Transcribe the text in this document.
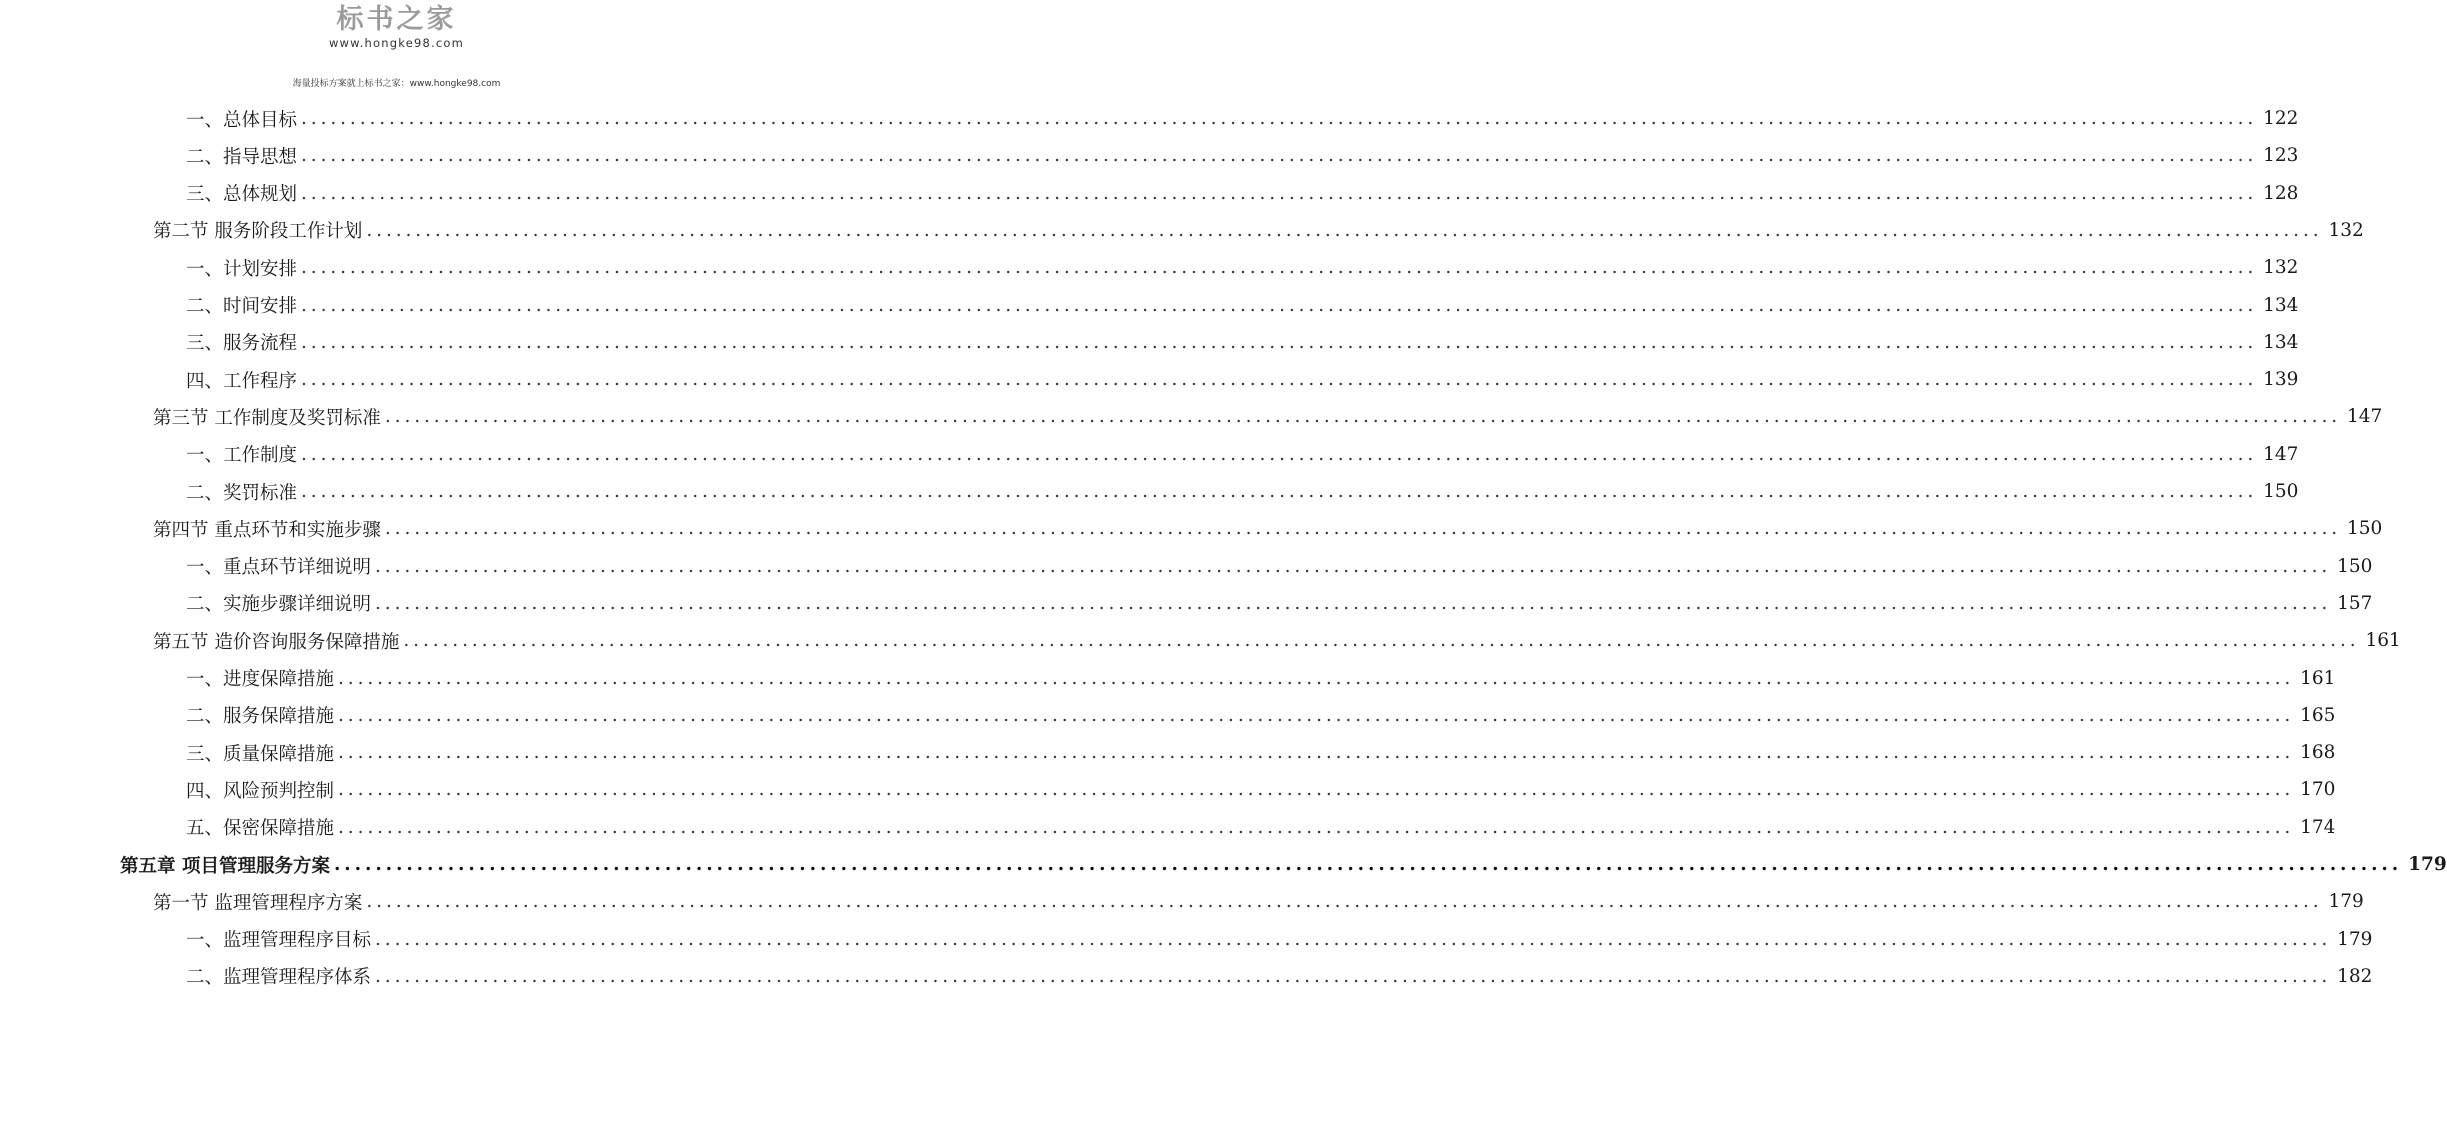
标书之家
www.hongke98.com
海量投标方案就上标书之家：www.hongke98.com
一、总体目标 ........................................................................................................................................................................................................ 122
二、指导思想 ........................................................................................................................................................................................................ 123
三、总体规划 ........................................................................................................................................................................................................ 128
第二节 服务阶段工作计划 ........................................................................................................................................................................................................ 132
一、计划安排 ........................................................................................................................................................................................................ 132
二、时间安排 ........................................................................................................................................................................................................ 134
三、服务流程 ........................................................................................................................................................................................................ 134
四、工作程序 ........................................................................................................................................................................................................ 139
第三节 工作制度及奖罚标准 ........................................................................................................................................................................................................ 147
一、工作制度 ........................................................................................................................................................................................................ 147
二、奖罚标准 ........................................................................................................................................................................................................ 150
第四节 重点环节和实施步骤 ........................................................................................................................................................................................................ 150
一、重点环节详细说明 ........................................................................................................................................................................................................ 150
二、实施步骤详细说明 ........................................................................................................................................................................................................ 157
第五节 造价咨询服务保障措施 ........................................................................................................................................................................................................ 161
一、进度保障措施 ........................................................................................................................................................................................................ 161
二、服务保障措施 ........................................................................................................................................................................................................ 165
三、质量保障措施 ........................................................................................................................................................................................................ 168
四、风险预判控制 ........................................................................................................................................................................................................ 170
五、保密保障措施 ........................................................................................................................................................................................................ 174
第五章 项目管理服务方案 ........................................................................................................................................................................................................ 179
第一节 监理管理程序方案 ........................................................................................................................................................................................................ 179
一、监理管理程序目标 ........................................................................................................................................................................................................ 179
二、监理管理程序体系 ........................................................................................................................................................................................................ 182
